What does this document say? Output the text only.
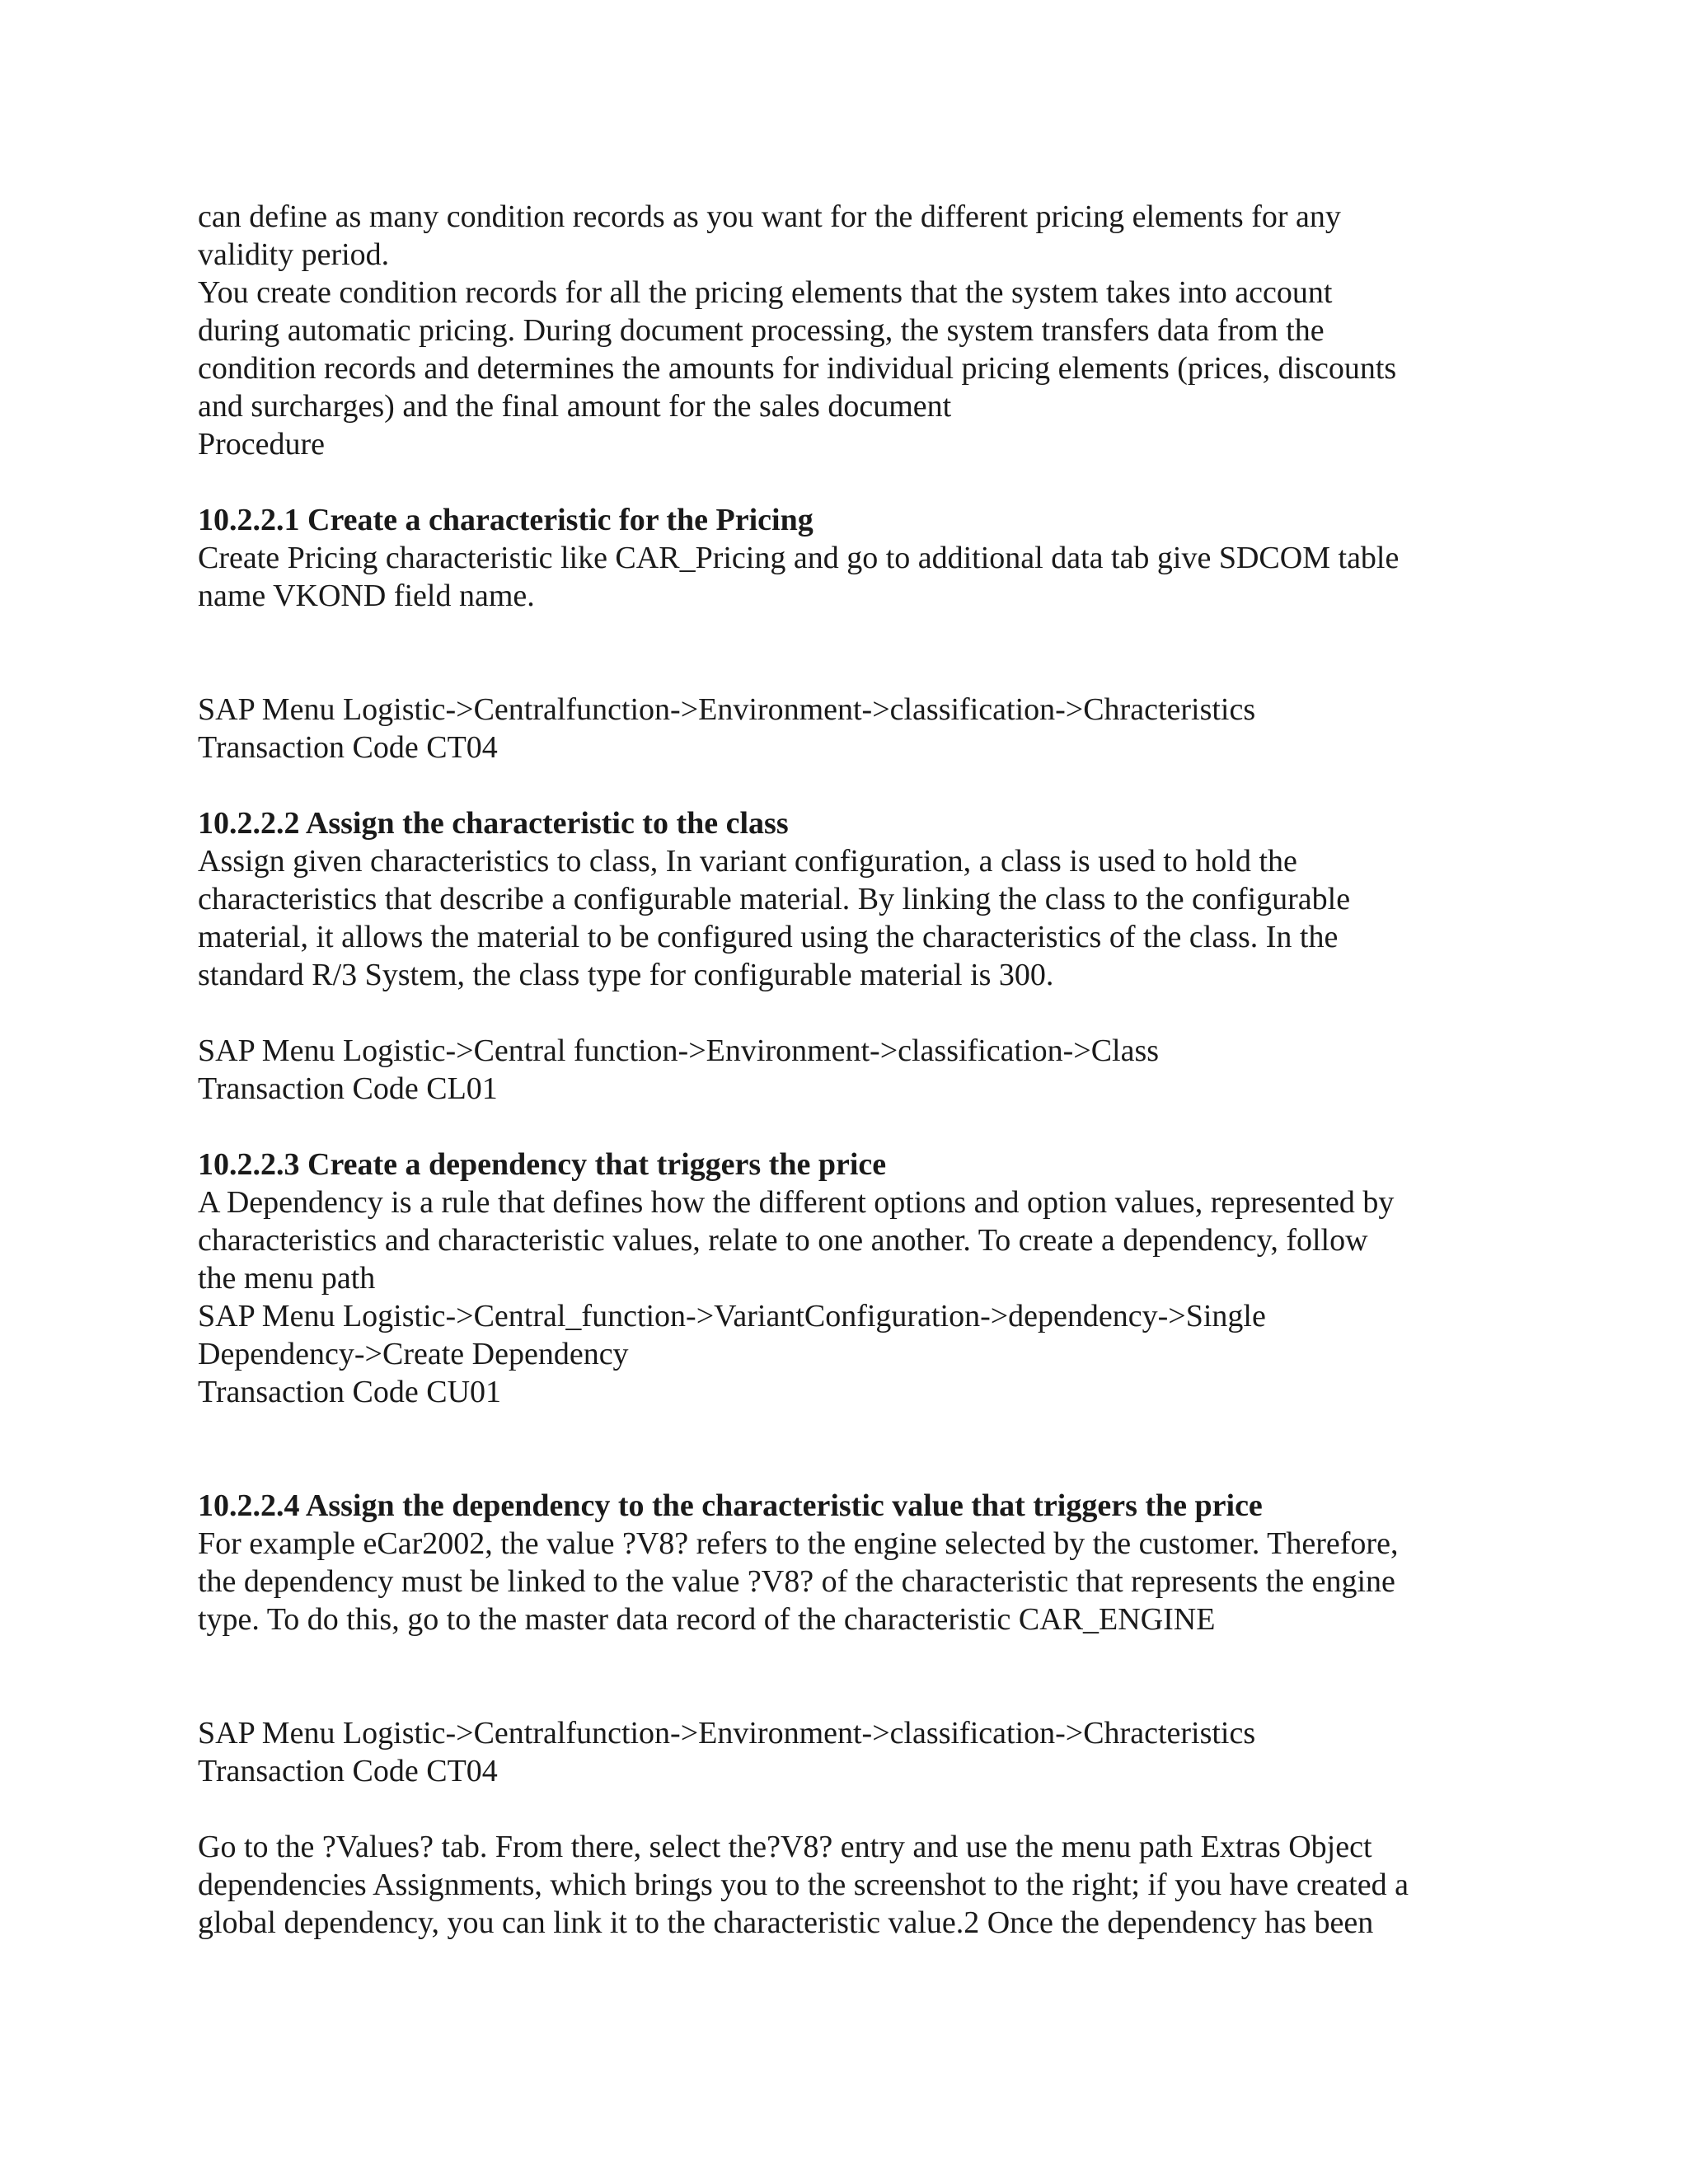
can define as many condition records as you want for the different pricing elements for any
validity period.
You create condition records for all the pricing elements that the system takes into account
during automatic pricing. During document processing, the system transfers data from the
condition records and determines the amounts for individual pricing elements (prices, discounts
and surcharges) and the final amount for the sales document
Procedure
10.2.2.1 Create a characteristic for the Pricing
Create Pricing characteristic like CAR_Pricing and go to additional data tab give SDCOM table
name VKOND field name.
SAP Menu Logistic->Centralfunction->Environment->classification->Chracteristics
Transaction Code CT04
10.2.2.2 Assign the characteristic to the class
Assign given characteristics to class, In variant configuration, a class is used to hold the
characteristics that describe a configurable material. By linking the class to the configurable
material, it allows the material to be configured using the characteristics of the class. In the
standard R/3 System, the class type for configurable material is 300.
SAP Menu Logistic->Central function->Environment->classification->Class
Transaction Code CL01
10.2.2.3 Create a dependency that triggers the price
A Dependency is a rule that defines how the different options and option values, represented by
characteristics and characteristic values, relate to one another. To create a dependency, follow
the menu path
SAP Menu Logistic->Central_function->VariantConfiguration->dependency->Single
Dependency->Create Dependency
Transaction Code CU01
10.2.2.4 Assign the dependency to the characteristic value that triggers the price
For example eCar2002, the value ?V8? refers to the engine selected by the customer. Therefore,
the dependency must be linked to the value ?V8? of the characteristic that represents the engine
type. To do this, go to the master data record of the characteristic CAR_ENGINE
SAP Menu Logistic->Centralfunction->Environment->classification->Chracteristics
Transaction Code CT04
Go to the ?Values? tab. From there, select the?V8? entry and use the menu path Extras Object
dependencies Assignments, which brings you to the screenshot to the right; if you have created a
global dependency, you can link it to the characteristic value.2 Once the dependency has been
